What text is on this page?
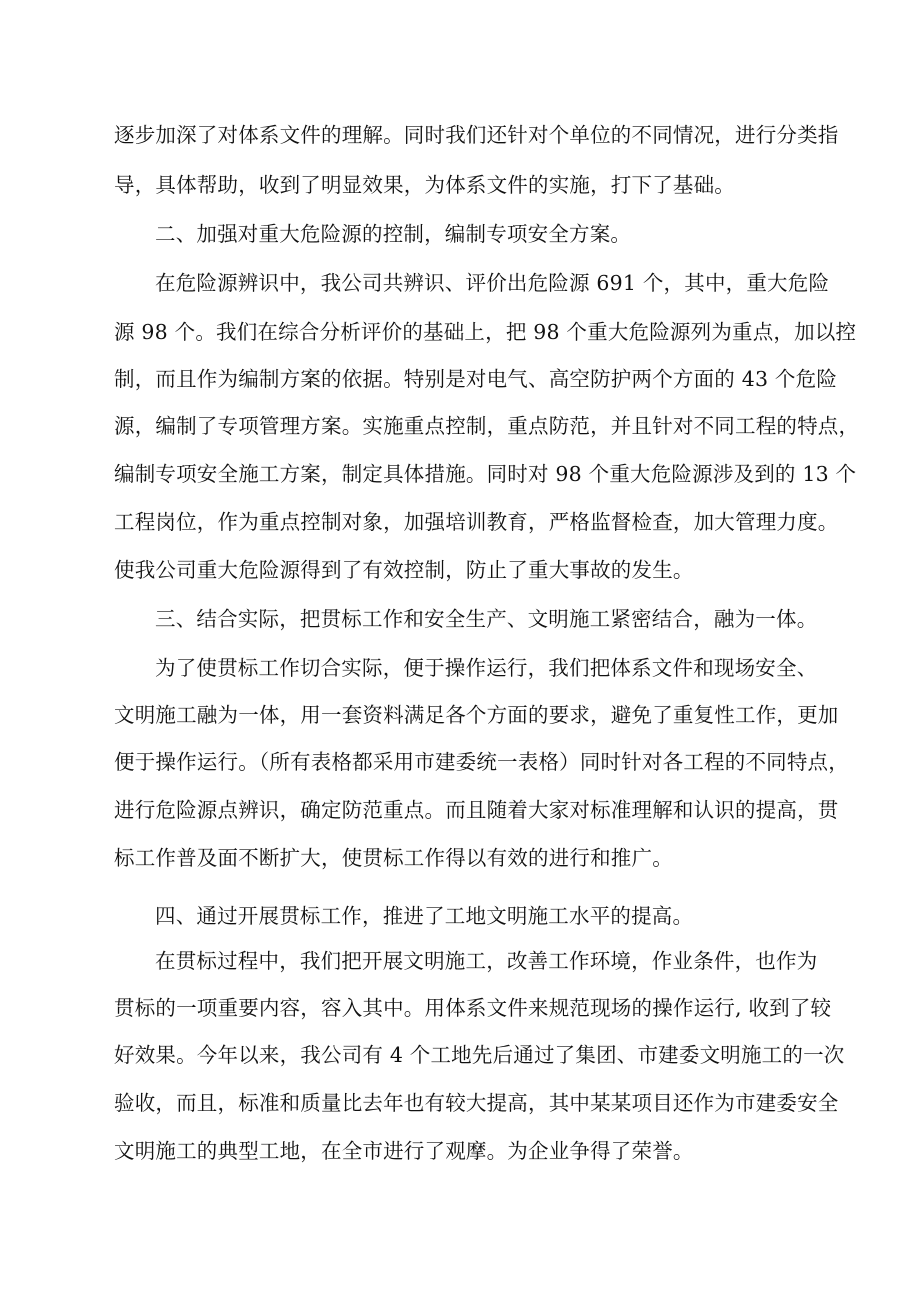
逐步加深了对体系文件的理解。同时我们还针对个单位的不同情况，进行分类指
导，具体帮助，收到了明显效果，为体系文件的实施，打下了基础。
二、加强对重大危险源的控制，编制专项安全方案。
在危险源辨识中，我公司共辨识、评价出危险源 691 个，其中，重大危险
源 98 个。我们在综合分析评价的基础上，把 98 个重大危险源列为重点，加以控
制，而且作为编制方案的依据。特别是对电气、高空防护两个方面的 43 个危险
源，编制了专项管理方案。实施重点控制，重点防范，并且针对不同工程的特点，
编制专项安全施工方案，制定具体措施。同时对 98 个重大危险源涉及到的 13 个
工程岗位，作为重点控制对象，加强培训教育，严格监督检查，加大管理力度。
使我公司重大危险源得到了有效控制，防止了重大事故的发生。
三、结合实际，把贯标工作和安全生产、文明施工紧密结合，融为一体。
为了使贯标工作切合实际，便于操作运行，我们把体系文件和现场安全、
文明施工融为一体，用一套资料满足各个方面的要求，避免了重复性工作，更加
便于操作运行。（所有表格都采用市建委统一表格）同时针对各工程的不同特点，
进行危险源点辨识，确定防范重点。而且随着大家对标准理解和认识的提高，贯
标工作普及面不断扩大，使贯标工作得以有效的进行和推广。
四、通过开展贯标工作，推进了工地文明施工水平的提高。
在贯标过程中，我们把开展文明施工，改善工作环境，作业条件，也作为
贯标的一项重要内容，容入其中。用体系文件来规范现场的操作运行, 收到了较
好效果。今年以来，我公司有 4 个工地先后通过了集团、市建委文明施工的一次
验收，而且，标准和质量比去年也有较大提高，其中某某项目还作为市建委安全
文明施工的典型工地，在全市进行了观摩。为企业争得了荣誉。
